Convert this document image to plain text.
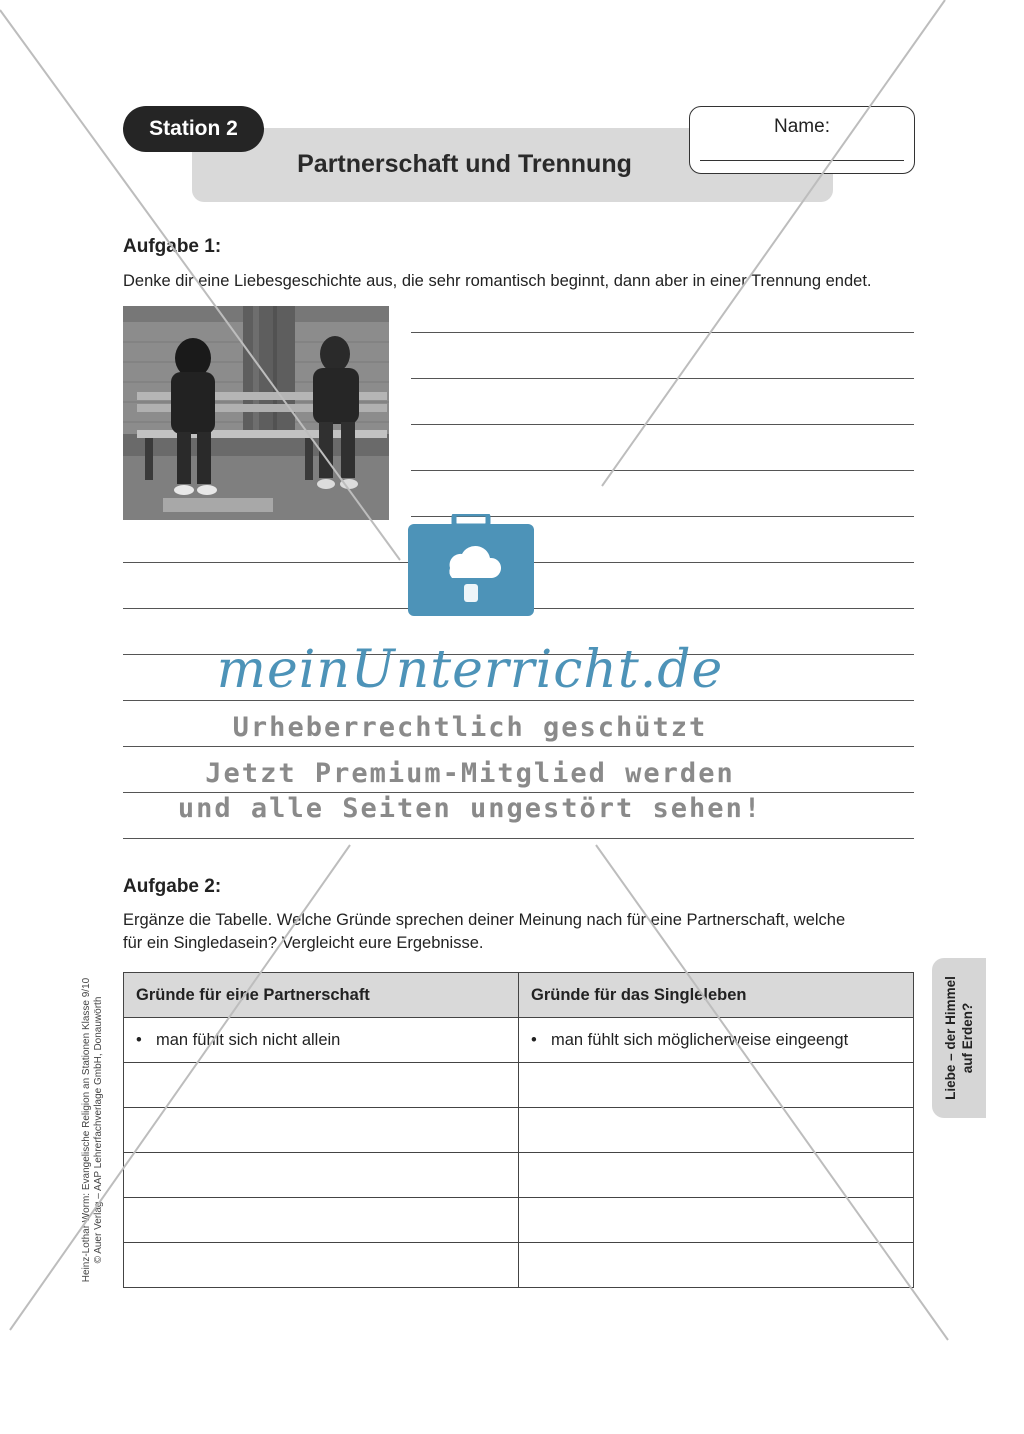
Station 2
Partnerschaft und Trennung
Name:
Aufgabe 1:
Denke dir eine Liebesgeschichte aus, die sehr romantisch beginnt, dann aber in einer Trennung endet.
Aufgabe 2:
Ergänze die Tabelle. Welche Gründe sprechen deiner Meinung nach für eine Partnerschaft, welche
für ein Singledasein? Vergleicht eure Ergebnisse.
Gründe für eine Partnerschaft	Gründe für das Singleleben
• man fühlt sich nicht allein	• man fühlt sich möglicherweise eingeengt

		Liebe – der Himmel auf Erden?
Heinz-Lothar Worm: Evangelische Religion an Stationen Klasse 9/10 © Auer Verlag – AAP Lehrerfachverlage GmbH, Donauwörth
meinUnterricht.de
Urheberrechtlich geschützt
Jetzt Premium-Mitglied werden
und alle Seiten ungestört sehen!
